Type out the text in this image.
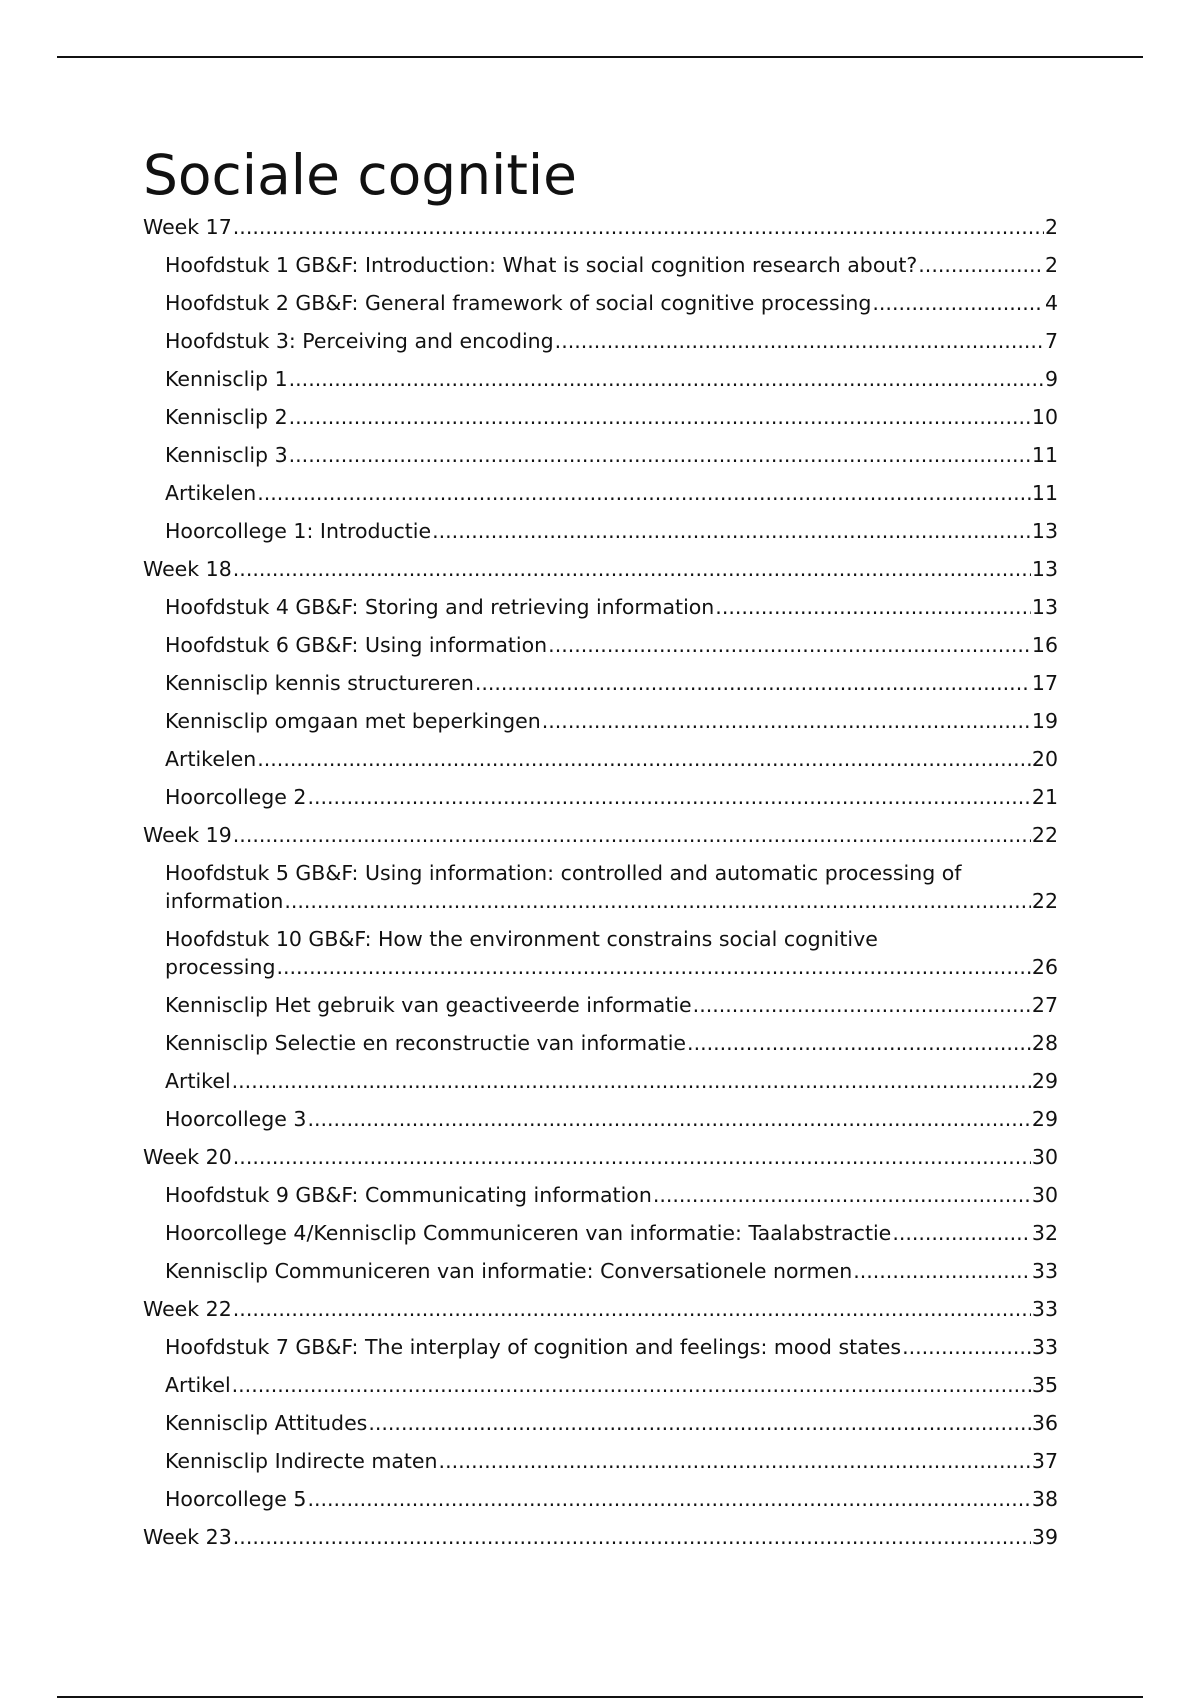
Sociale cognitie
Week 17 .....	2
Hoofdstuk 1 GB&F: Introduction: What is social cognition research about? .....	2
Hoofdstuk 2 GB&F: General framework of social cognitive processing .....	4
Hoofdstuk 3: Perceiving and encoding .....	7
Kennisclip 1 .....	9
Kennisclip 2 .....	10
Kennisclip 3 .....	11
Artikelen .....	11
Hoorcollege 1: Introductie .....	13
Week 18 .....	13
Hoofdstuk 4 GB&F: Storing and retrieving information .....	13
Hoofdstuk 6 GB&F: Using information .....	16
Kennisclip kennis structureren .....	17
Kennisclip omgaan met beperkingen .....	19
Artikelen .....	20
Hoorcollege 2 .....	21
Week 19 .....	22
Hoofdstuk 5 GB&F: Using information: controlled and automatic processing of
information .....	22
Hoofdstuk 10 GB&F: How the environment constrains social cognitive
processing .....	26
Kennisclip Het gebruik van geactiveerde informatie .....	27
Kennisclip Selectie en reconstructie van informatie .....	28
Artikel .....	29
Hoorcollege 3 .....	29
Week 20 .....	30
Hoofdstuk 9 GB&F: Communicating information .....	30
Hoorcollege 4/Kennisclip Communiceren van informatie: Taalabstractie .....	32
Kennisclip Communiceren van informatie: Conversationele normen .....	33
Week 22 .....	33
Hoofdstuk 7 GB&F: The interplay of cognition and feelings: mood states .....	33
Artikel .....	35
Kennisclip Attitudes .....	36
Kennisclip Indirecte maten .....	37
Hoorcollege 5 .....	38
Week 23 .....	39
